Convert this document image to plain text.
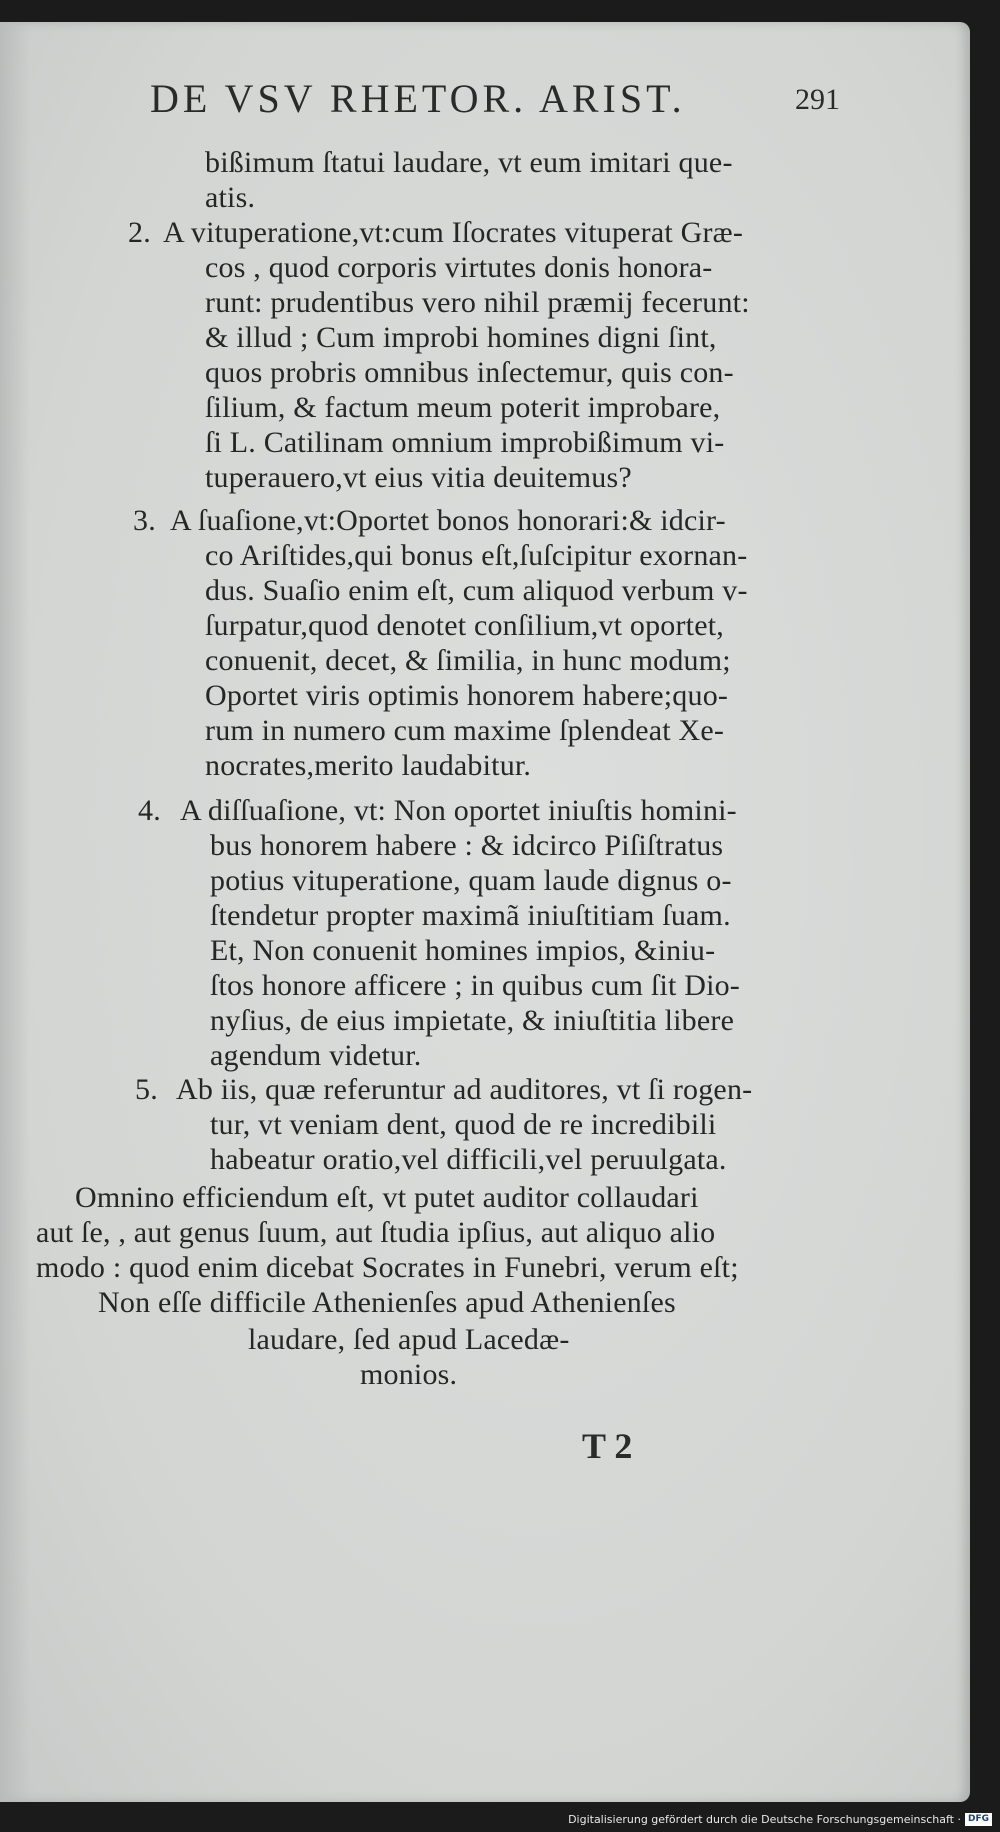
DE VSV RHETOR. ARIST.	291
bißimum ſtatui laudare, vt eum imitari que-
atis.
2. A vituperatione,vt:cum Iſocrates vituperat Græ-
cos , quod corporis virtutes donis honora-
runt: prudentibus vero nihil præmij fecerunt:
& illud ; Cum improbi homines digni ſint,
quos probris omnibus inſectemur, quis con-
ſilium, & factum meum poterit improbare,
ſi L. Catilinam omnium improbißimum vi-
tuperauero,vt eius vitia deuitemus?
3. A ſuaſione,vt:Oportet bonos honorari:& idcir-
co Ariſtides,qui bonus eſt,ſuſcipitur exornan-
dus. Suaſio enim eſt, cum aliquod verbum v-
ſurpatur,quod denotet conſilium,vt oportet,
conuenit, decet, & ſimilia, in hunc modum;
Oportet viris optimis honorem habere;quo-
rum in numero cum maxime ſplendeat Xe-
nocrates,merito laudabitur.
4. A diſſuaſione, vt: Non oportet iniuſtis homini-
bus honorem habere : & idcirco Piſiſtratus
potius vituperatione, quam laude dignus o-
ſtendetur propter maximã iniuſtitiam ſuam.
Et, Non conuenit homines impios, &iniu-
ſtos honore afficere ; in quibus cum ſit Dio-
nyſius, de eius impietate, & iniuſtitia libere
agendum videtur.
5. Ab iis, quæ referuntur ad auditores, vt ſi rogen-
tur, vt veniam dent, quod de re incredibili
habeatur oratio,vel difficili,vel peruulgata.
Omnino efficiendum eſt, vt putet auditor collaudari
aut ſe, , aut genus ſuum, aut ſtudia ipſius, aut aliquo alio
modo : quod enim dicebat Socrates in Funebri, verum eſt;
Non eſſe difficile Athenienſes apud Athenienſes
laudare, ſed apud Lacedæ-
monios.
T 2
Digitalisierung gefördert durch die Deutsche Forschungsgemeinschaft · DFG
